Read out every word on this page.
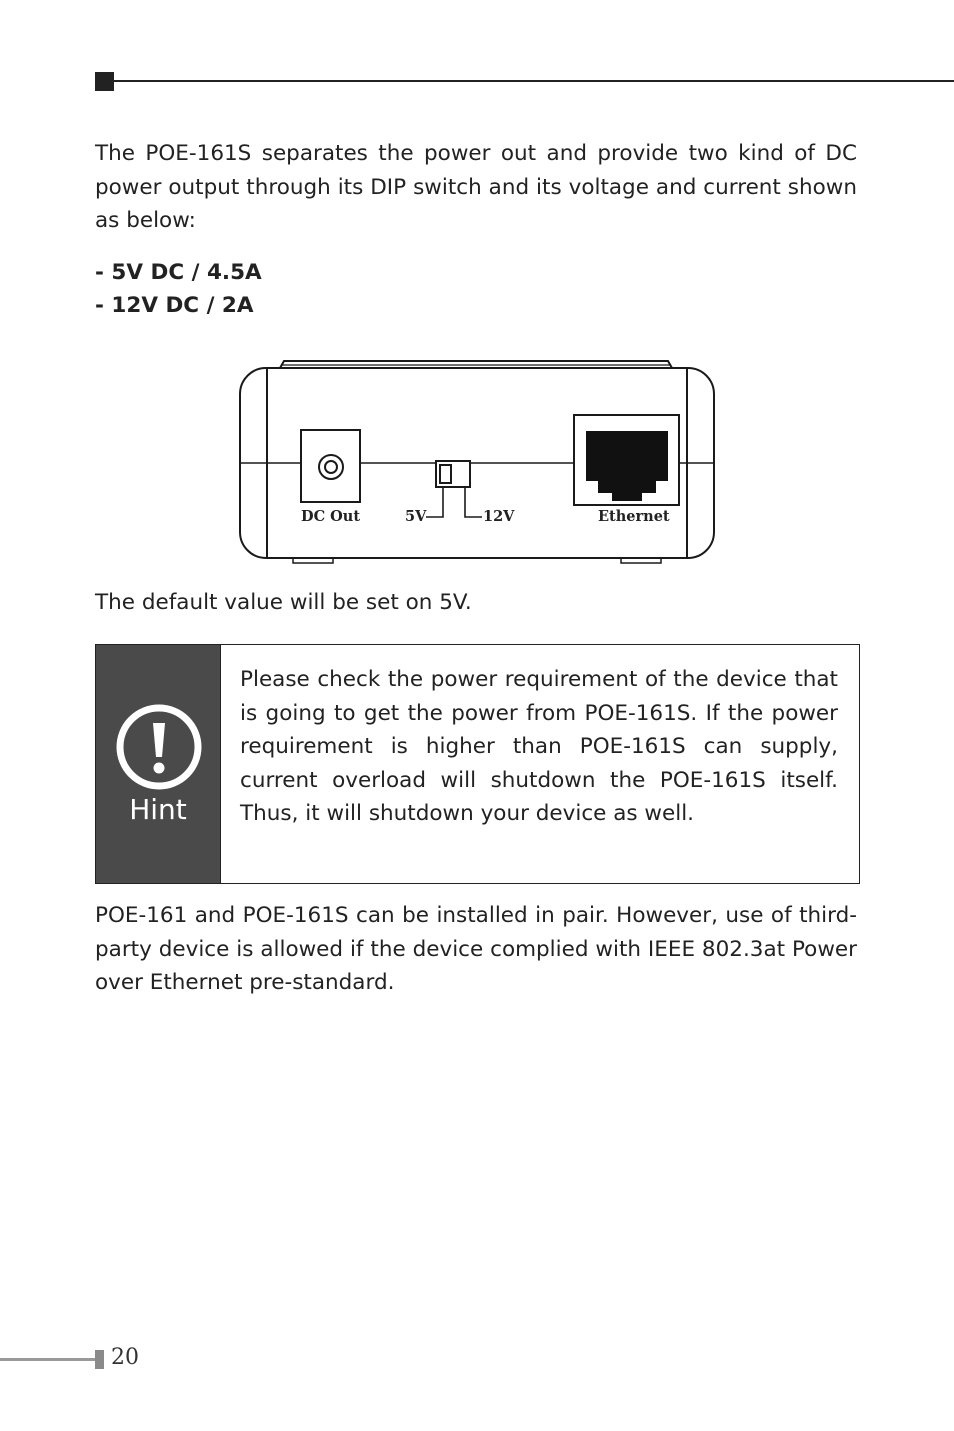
The POE-161S separates the power out and provide two kind of DC power output through its DIP switch and its voltage and current shown as below:

- 5V DC / 4.5A

- 12V DC / 2A

DC Out	5V	12V	Ethernet

The default value will be set on 5V.

Hint

Please check the power requirement of the device that is going to get the power from POE-161S. If the power requirement is higher than POE-161S can supply, current overload will shutdown the POE-161S itself. Thus, it will shutdown your device as well.

POE-161 and POE-161S can be installed in pair. However, use of third-party device is allowed if the device complied with IEEE 802.3at Power over Ethernet pre-standard.

20
